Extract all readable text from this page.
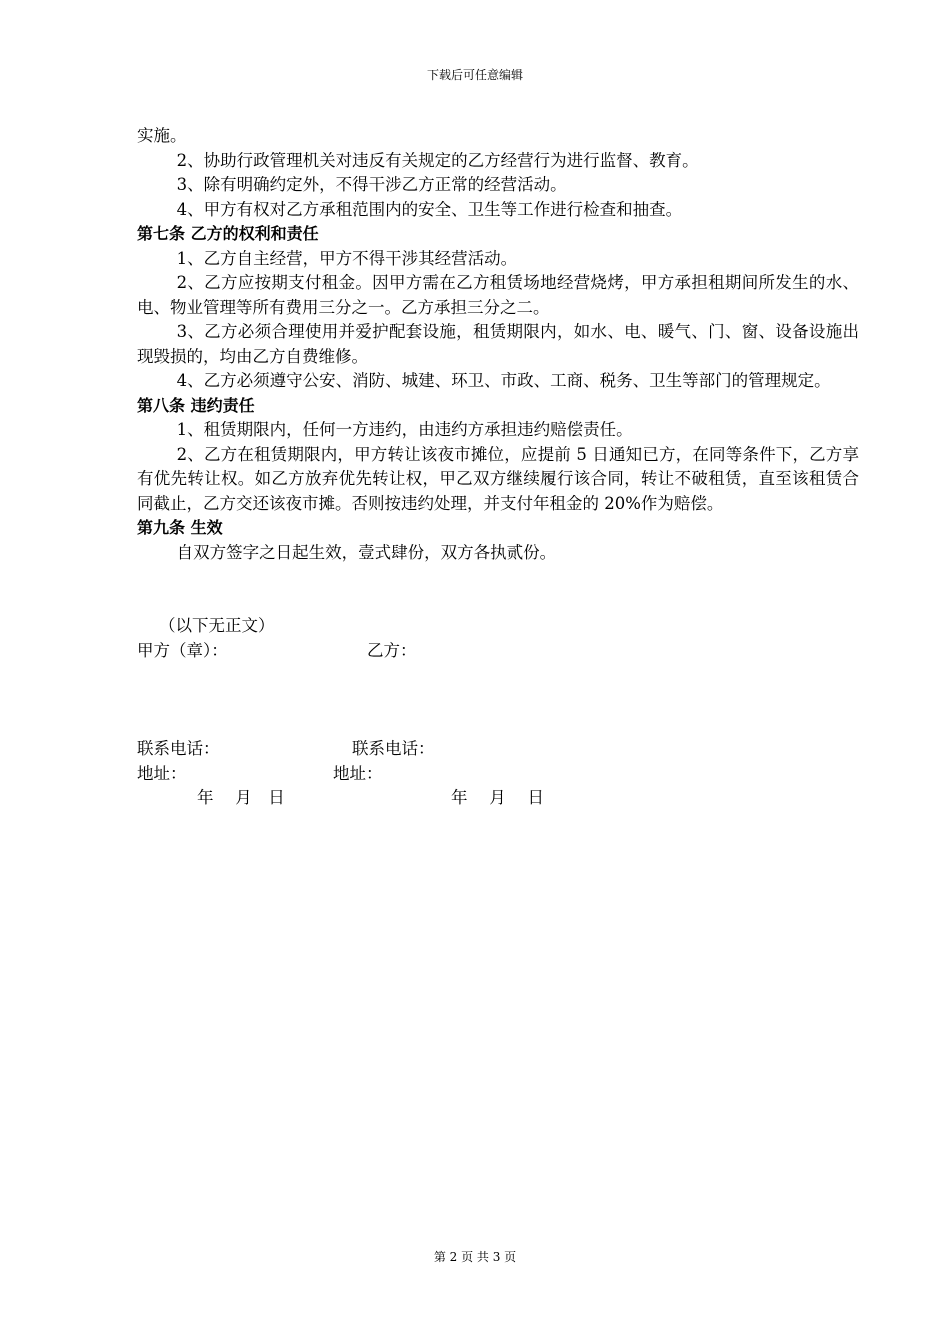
下载后可任意编辑

实施。

2、协助行政管理机关对违反有关规定的乙方经营行为进行监督、教育。

3、除有明确约定外，不得干涉乙方正常的经营活动。

4、甲方有权对乙方承租范围内的安全、卫生等工作进行检查和抽查。

第七条 乙方的权利和责任

1、乙方自主经营，甲方不得干涉其经营活动。

2、乙方应按期支付租金。因甲方需在乙方租赁场地经营烧烤，甲方承担租期间所发生的水、电、物业管理等所有费用三分之一。乙方承担三分之二。

3、乙方必须合理使用并爱护配套设施，租赁期限内，如水、电、暖气、门、窗、设备设施出现毁损的，均由乙方自费维修。

4、乙方必须遵守公安、消防、城建、环卫、市政、工商、税务、卫生等部门的管理规定。

第八条 违约责任

1、租赁期限内，任何一方违约，由违约方承担违约赔偿责任。

2、乙方在租赁期限内，甲方转让该夜市摊位，应提前 5 日通知已方，在同等条件下，乙方享有优先转让权。如乙方放弃优先转让权，甲乙双方继续履行该合同，转让不破租赁，直至该租赁合同截止，乙方交还该夜市摊。否则按违约处理，并支付年租金的 20%作为赔偿。

第九条 生效

自双方签字之日起生效，壹式肆份，双方各执贰份。

（以下无正文）

甲方（章）：	乙方：
联系电话：	联系电话：
地址：	地址：
年　 月　日	年　 月　 日
第 2 页 共 3 页
